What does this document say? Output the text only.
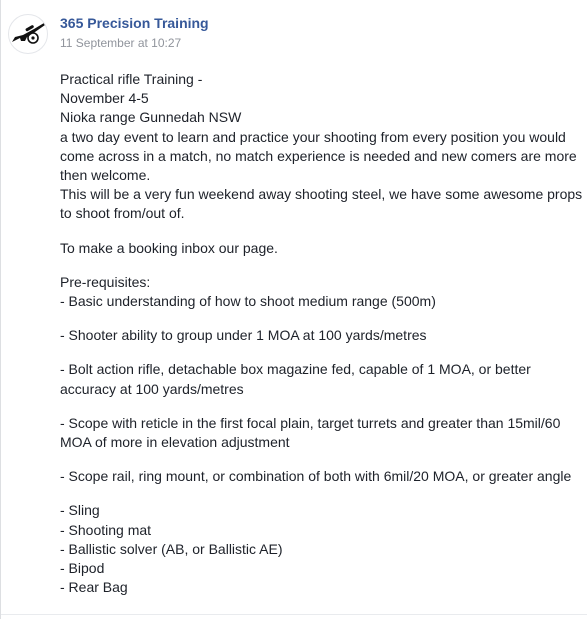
365 Precision Training
11 September at 10:27

Practical rifle Training -
November 4-5
Nioka range Gunnedah NSW
a two day event to learn and practice your shooting from every position you would come across in a match, no match experience is needed and new comers are more then welcome.
This will be a very fun weekend away shooting steel, we have some awesome props to shoot from/out of.

To make a booking inbox our page.

Pre-requisites:
- Basic understanding of how to shoot medium range (500m)

- Shooter ability to group under 1 MOA at 100 yards/metres

- Bolt action rifle, detachable box magazine fed, capable of 1 MOA, or better accuracy at 100 yards/metres

- Scope with reticle in the first focal plain, target turrets and greater than 15mil/60 MOA of more in elevation adjustment

- Scope rail, ring mount, or combination of both with 6mil/20 MOA, or greater angle

- Sling
- Shooting mat
- Ballistic solver (AB, or Ballistic AE)
- Bipod
- Rear Bag
